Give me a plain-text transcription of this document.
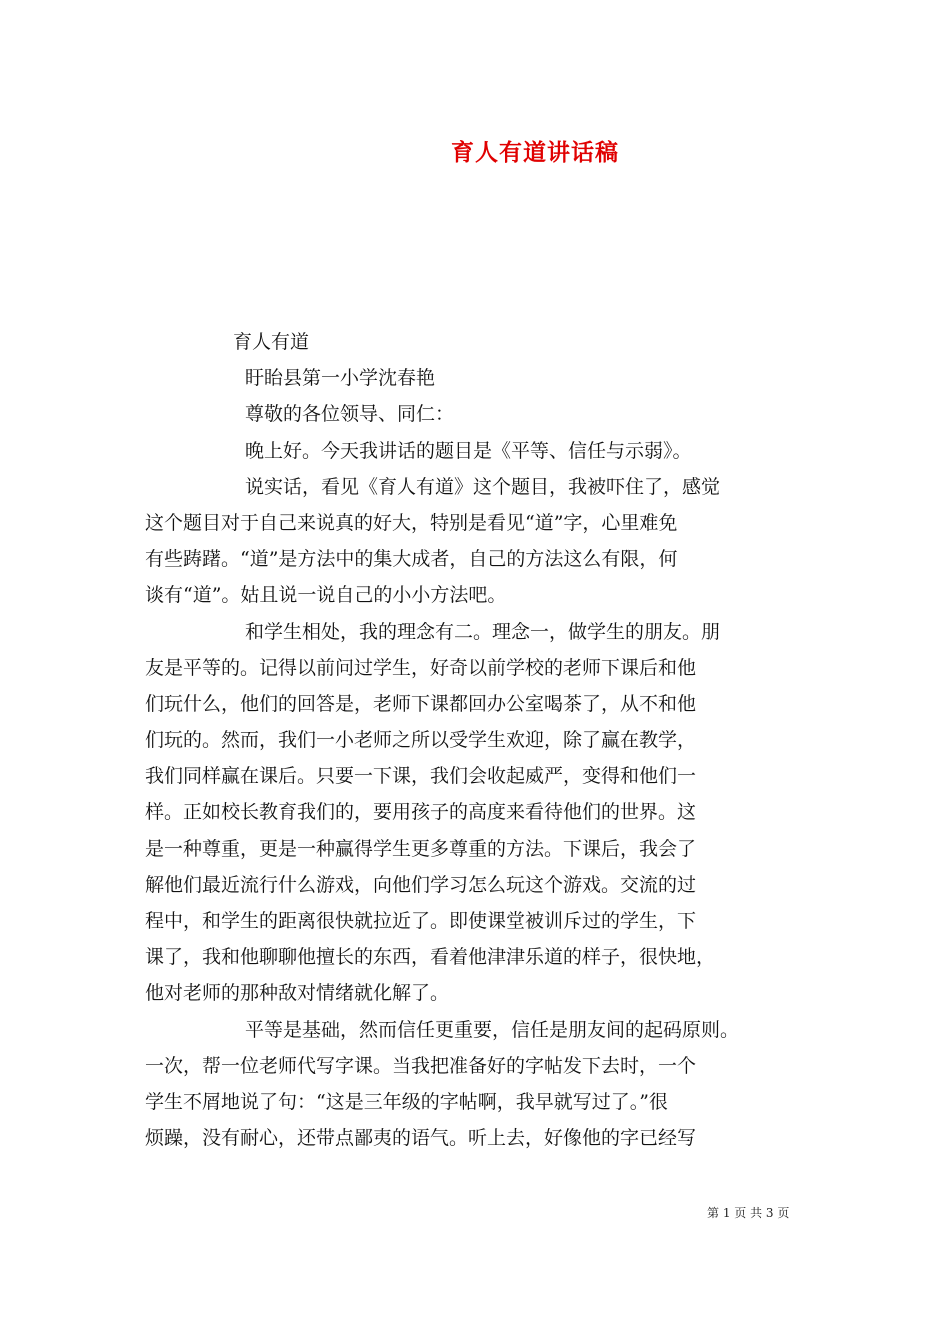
育人有道讲话稿
育人有道
盱眙县第一小学沈春艳
尊敬的各位领导、同仁：
晚上好。今天我讲话的题目是《平等、信任与示弱》。
说实话，看见《育人有道》这个题目，我被吓住了，感觉
这个题目对于自己来说真的好大，特别是看见“道”字，心里难免
有些踌躇。“道”是方法中的集大成者，自己的方法这么有限，何
谈有“道”。姑且说一说自己的小小方法吧。
和学生相处，我的理念有二。理念一，做学生的朋友。朋
友是平等的。记得以前问过学生，好奇以前学校的老师下课后和他
们玩什么，他们的回答是，老师下课都回办公室喝茶了，从不和他
们玩的。然而，我们一小老师之所以受学生欢迎，除了赢在教学，
我们同样赢在课后。只要一下课，我们会收起威严，变得和他们一
样。正如校长教育我们的，要用孩子的高度来看待他们的世界。这
是一种尊重，更是一种赢得学生更多尊重的方法。下课后，我会了
解他们最近流行什么游戏，向他们学习怎么玩这个游戏。交流的过
程中，和学生的距离很快就拉近了。即使课堂被训斥过的学生，下
课了，我和他聊聊他擅长的东西，看着他津津乐道的样子，很快地，
他对老师的那种敌对情绪就化解了。
平等是基础，然而信任更重要，信任是朋友间的起码原则。
一次，帮一位老师代写字课。当我把准备好的字帖发下去时，一个
学生不屑地说了句：“这是三年级的字帖啊，我早就写过了。”很
烦躁，没有耐心，还带点鄙夷的语气。听上去，好像他的字已经写
第 1 页 共 3 页
